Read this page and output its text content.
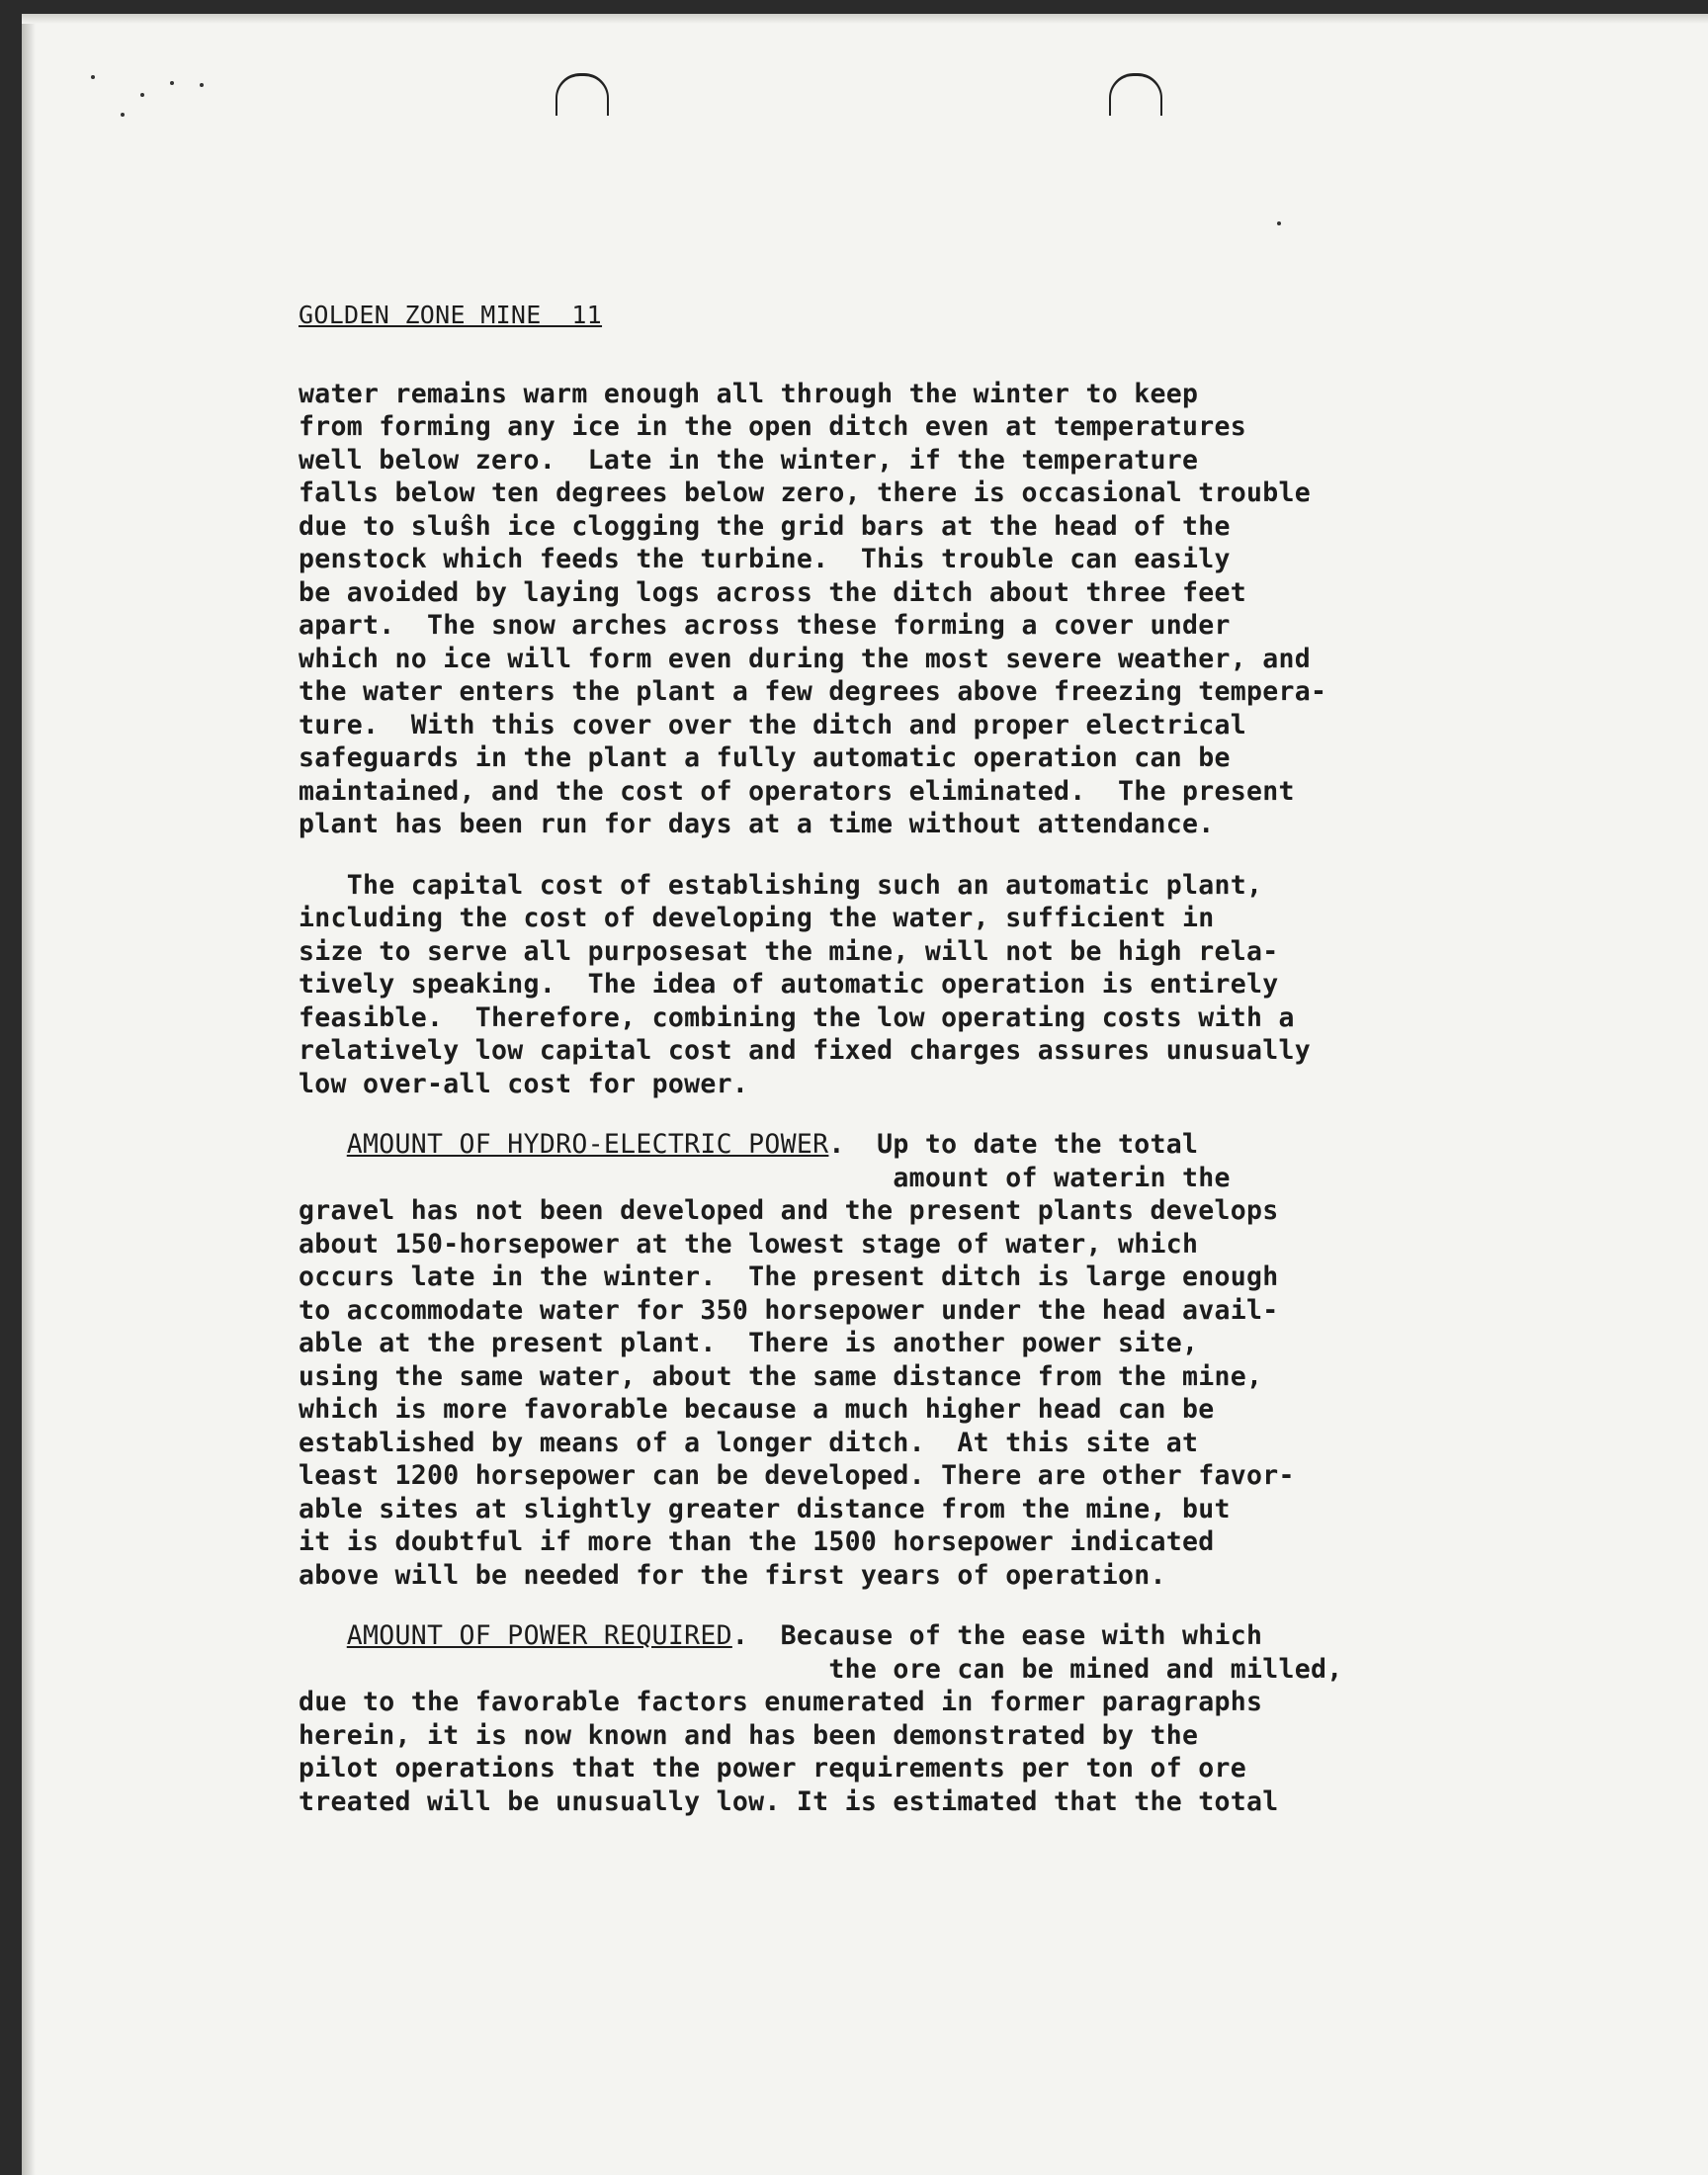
GOLDEN ZONE MINE  11

water remains warm enough all through the winter to keep

from forming any ice in the open ditch even at temperatures

well below zero.  Late in the winter, if the temperature

falls below ten degrees below zero, there is occasional trouble

due to sluŝh ice clogging the grid bars at the head of the

penstock which feeds the turbine.  This trouble can easily

be avoided by laying logs across the ditch about three feet

apart.  The snow arches across these forming a cover under

which no ice will form even during the most severe weather, and

the water enters the plant a few degrees above freezing tempera-

ture.  With this cover over the ditch and proper electrical

safeguards in the plant a fully automatic operation can be

maintained, and the cost of operators eliminated.  The present

plant has been run for days at a time without attendance.

The capital cost of establishing such an automatic plant,

including the cost of developing the water, sufficient in

size to serve all purposesat the mine, will not be high rela-

tively speaking.  The idea of automatic operation is entirely

feasible.  Therefore, combining the low operating costs with a

relatively low capital cost and fixed charges assures unusually

low over-all cost for power.

AMOUNT OF HYDRO-ELECTRIC POWER.  Up to date the total

amount of waterin the

gravel has not been developed and the present plants develops

about 150-horsepower at the lowest stage of water, which

occurs late in the winter.  The present ditch is large enough

to accommodate water for 350 horsepower under the head avail-

able at the present plant.  There is another power site,

using the same water, about the same distance from the mine,

which is more favorable because a much higher head can be

established by means of a longer ditch.  At this site at

least 1200 horsepower can be developed. There are other favor-

able sites at slightly greater distance from the mine, but

it is doubtful if more than the 1500 horsepower indicated

above will be needed for the first years of operation.

AMOUNT OF POWER REQUIRED.  Because of the ease with which

the ore can be mined and milled,

due to the favorable factors enumerated in former paragraphs

herein, it is now known and has been demonstrated by the

pilot operations that the power requirements per ton of ore

treated will be unusually low. It is estimated that the total
